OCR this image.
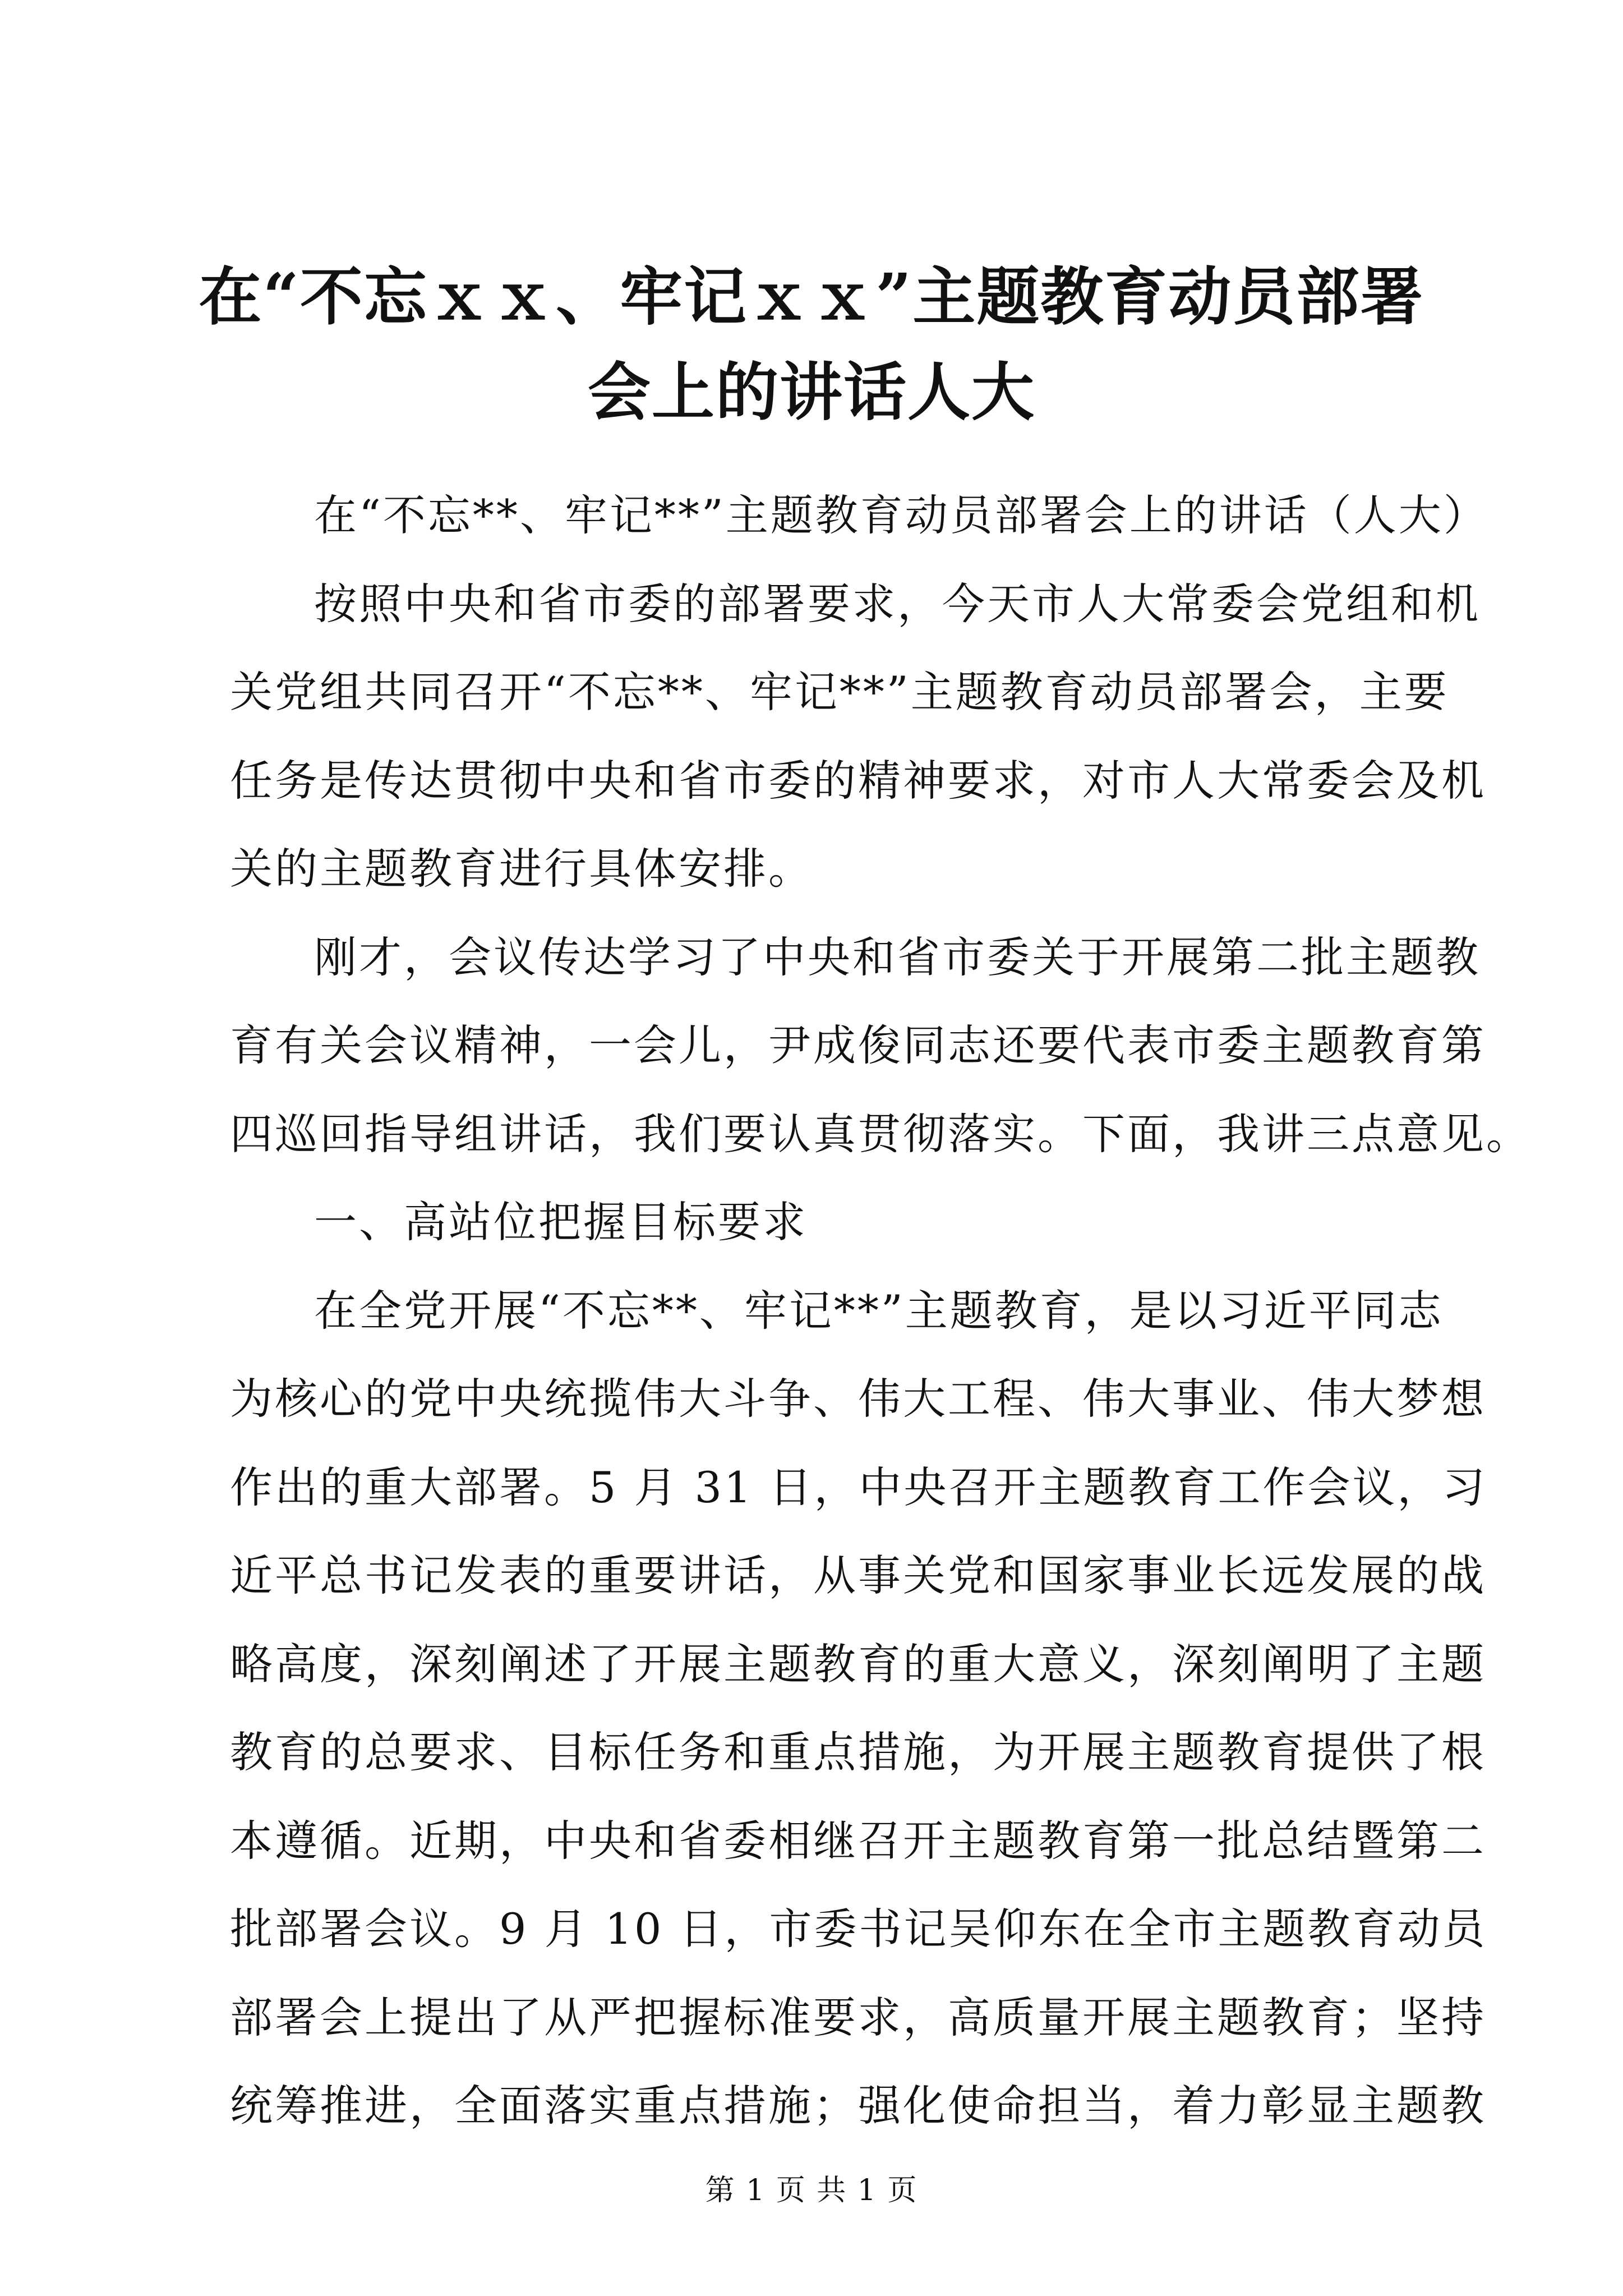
在“不忘ｘｘ、牢记ｘｘ”主题教育动员部署
会上的讲话人大

在“不忘**、牢记**”主题教育动员部署会上的讲话（人大）

按照中央和省市委的部署要求，今天市人大常委会党组和机
关党组共同召开“不忘**、牢记**”主题教育动员部署会，主要
任务是传达贯彻中央和省市委的精神要求，对市人大常委会及机
关的主题教育进行具体安排。

刚才，会议传达学习了中央和省市委关于开展第二批主题教
育有关会议精神，一会儿，尹成俊同志还要代表市委主题教育第
四巡回指导组讲话，我们要认真贯彻落实。下面，我讲三点意见。

一、高站位把握目标要求

在全党开展“不忘**、牢记**”主题教育，是以习近平同志
为核心的党中央统揽伟大斗争、伟大工程、伟大事业、伟大梦想
作出的重大部署。5 月 31 日，中央召开主题教育工作会议，习
近平总书记发表的重要讲话，从事关党和国家事业长远发展的战
略高度，深刻阐述了开展主题教育的重大意义，深刻阐明了主题
教育的总要求、目标任务和重点措施，为开展主题教育提供了根
本遵循。近期，中央和省委相继召开主题教育第一批总结暨第二
批部署会议。9 月 10 日，市委书记吴仰东在全市主题教育动员
部署会上提出了从严把握标准要求，高质量开展主题教育；坚持
统筹推进，全面落实重点措施；强化使命担当，着力彰显主题教

第 1 页 共 1 页
